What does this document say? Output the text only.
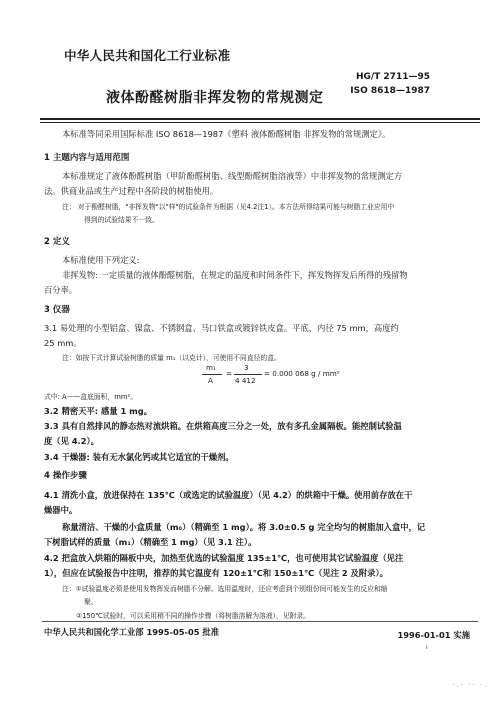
中华人民共和国化工行业标准
HG/T 2711—95
ISO 8618—1987
液体酚醛树脂非挥发物的常规测定
本标准等同采用国际标准 ISO 8618—1987《塑料 液体酚醛树脂 非挥发物的常规测定》。
1 主题内容与适用范围
本标准规定了液体酚醛树脂（甲阶酚醛树脂、线型酚醛树脂溶液等）中非挥发物的常规测定方
法。供商业品或生产过程中各阶段的树脂使用。
注： 对于酚醛树脂，"非挥发物"以"样"的试验条件为根据（见4.2注1）。本方法所得结果可能与树脂工业应用中
得到的试验结果不一致。
2 定义
本标准使用下列定义:
非挥发物: 一定质量的液体酚醛树脂，在规定的温度和时间条件下，挥发物挥发后所得的残留物
百分率。
3 仪器
3.1 易处理的小型铝盒、镍盒、不锈钢盒、马口铁盒或镀锌铁皮盒。平底，内径 75 mm，高度约
25 mm。
注：如按下式计算试验树脂的质量 m₁（以克计），可使用不同直径的盒。
m₁
A
=
3
4 412
= 0.000 068 g / mm²
式中: A——盒底面积，mm²。
3.2 精密天平: 感量 1 mg。
3.3 具有自然排风的静态热对流烘箱。在烘箱高度三分之一处，放有多孔金属隔板。能控制试验温
度（见 4.2）。
3.4 干燥器: 装有无水氯化钙或其它适宜的干燥剂。
4 操作步骤
4.1 清洗小盒，放进保持在 135℃（或选定的试验温度）（见 4.2）的烘箱中干燥。使用前存放在干
燥器中。
称量清洁、干燥的小盒质量（m₀）（精确至 1 mg）。将 3.0±0.5 g 完全均匀的树脂加入盒中，记
下树脂试样的质量（m₁）（精确至 1 mg）（见 3.1 注）。
4.2 把盒放入烘箱的隔板中央，加热至优选的试验温度 135±1℃，也可使用其它试验温度（见注
1），但应在试验报告中注明，推荐的其它温度有 120±1℃和 150±1℃（见注 2 及附录）。
注：①试验温度必须是使用发物挥发而树脂不分解。选用温度时，还应考虑到个别组份间可能发生的反应和缩
聚。
②150℃试验时，可以采用稍不同的操作步骤（将树脂溶解为溶液），见附录。
中华人民共和国化学工业部 1995-05-05 批准	1996-01-01 实施
ı
·.· ·· ·.
